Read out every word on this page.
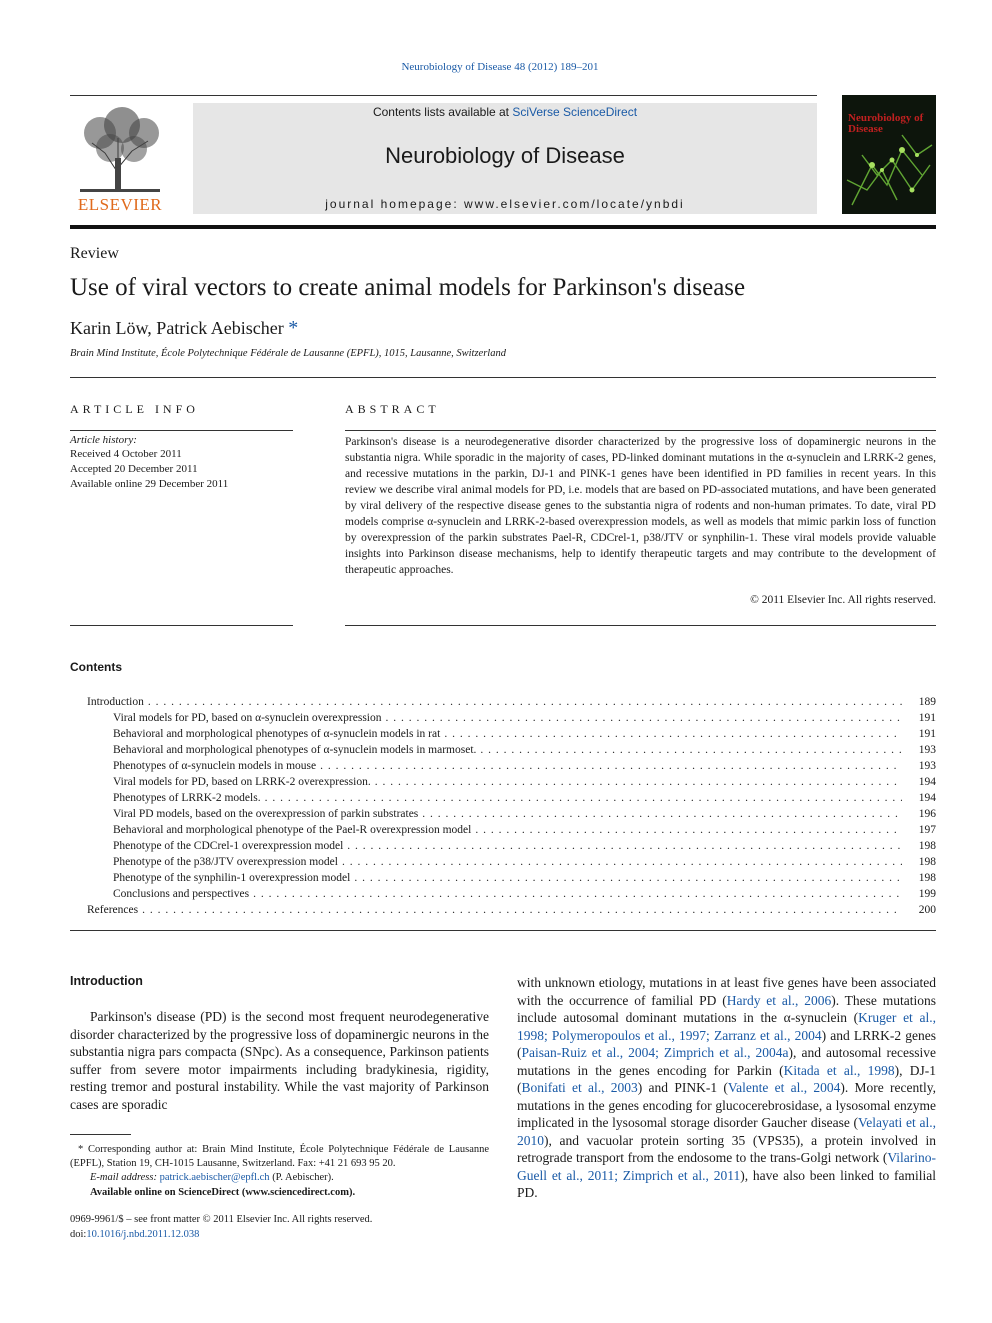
Neurobiology of Disease 48 (2012) 189–201
ELSEVIER
Contents lists available at SciVerse ScienceDirect
Neurobiology of Disease
journal homepage: www.elsevier.com/locate/ynbdi
Neurobiology of Disease
Review
Use of viral vectors to create animal models for Parkinson's disease
Karin Löw, Patrick Aebischer *
Brain Mind Institute, École Polytechnique Fédérale de Lausanne (EPFL), 1015, Lausanne, Switzerland
ARTICLE INFO
Article history:
Received 4 October 2011
Accepted 20 December 2011
Available online 29 December 2011
ABSTRACT
Parkinson's disease is a neurodegenerative disorder characterized by the progressive loss of dopaminergic neurons in the substantia nigra. While sporadic in the majority of cases, PD-linked dominant mutations in the α-synuclein and LRRK-2 genes, and recessive mutations in the parkin, DJ-1 and PINK-1 genes have been identified in PD families in recent years. In this review we describe viral animal models for PD, i.e. models that are based on PD-associated mutations, and have been generated by viral delivery of the respective disease genes to the substantia nigra of rodents and non-human primates. To date, viral PD models comprise α-synuclein and LRRK-2-based overexpression models, as well as models that mimic parkin loss of function by overexpression of the parkin substrates Pael-R, CDCrel-1, p38/JTV or synphilin-1. These viral models provide valuable insights into Parkinson disease mechanisms, help to identify therapeutic targets and may contribute to the development of therapeutic approaches.
© 2011 Elsevier Inc. All rights reserved.
Contents
Introduction . . .	189
Viral models for PD, based on α-synuclein overexpression . . .	191
Behavioral and morphological phenotypes of α-synuclein models in rat . . .	191
Behavioral and morphological phenotypes of α-synuclein models in marmoset. . . .	193
Phenotypes of α-synuclein models in mouse . . .	193
Viral models for PD, based on LRRK-2 overexpression. . . .	194
Phenotypes of LRRK-2 models. . . .	194
Viral PD models, based on the overexpression of parkin substrates . . .	196
Behavioral and morphological phenotype of the Pael-R overexpression model . . .	197
Phenotype of the CDCrel-1 overexpression model . . .	198
Phenotype of the p38/JTV overexpression model . . .	198
Phenotype of the synphilin-1 overexpression model . . .	198
Conclusions and perspectives . . .	199
References . . .	200
Introduction
Parkinson's disease (PD) is the second most frequent neurodegenerative disorder characterized by the progressive loss of dopaminergic neurons in the substantia nigra pars compacta (SNpc). As a consequence, Parkinson patients suffer from severe motor impairments including bradykinesia, rigidity, resting tremor and postural instability. While the vast majority of Parkinson cases are sporadic
with unknown etiology, mutations in at least five genes have been associated with the occurrence of familial PD (Hardy et al., 2006). These mutations include autosomal dominant mutations in the α-synuclein (Kruger et al., 1998; Polymeropoulos et al., 1997; Zarranz et al., 2004) and LRRK-2 genes (Paisan-Ruiz et al., 2004; Zimprich et al., 2004a), and autosomal recessive mutations in the genes encoding for Parkin (Kitada et al., 1998), DJ-1 (Bonifati et al., 2003) and PINK-1 (Valente et al., 2004). More recently, mutations in the genes encoding for glucocerebrosidase, a lysosomal enzyme implicated in the lysosomal storage disorder Gaucher disease (Velayati et al., 2010), and vacuolar protein sorting 35 (VPS35), a protein involved in retrograde transport from the endosome to the trans-Golgi network (Vilarino-Guell et al., 2011; Zimprich et al., 2011), have also been linked to familial PD.
* Corresponding author at: Brain Mind Institute, École Polytechnique Fédérale de Lausanne (EPFL), Station 19, CH-1015 Lausanne, Switzerland. Fax: +41 21 693 95 20.
E-mail address: patrick.aebischer@epfl.ch (P. Aebischer).
Available online on ScienceDirect (www.sciencedirect.com).
0969-9961/$ – see front matter © 2011 Elsevier Inc. All rights reserved.
doi:10.1016/j.nbd.2011.12.038
